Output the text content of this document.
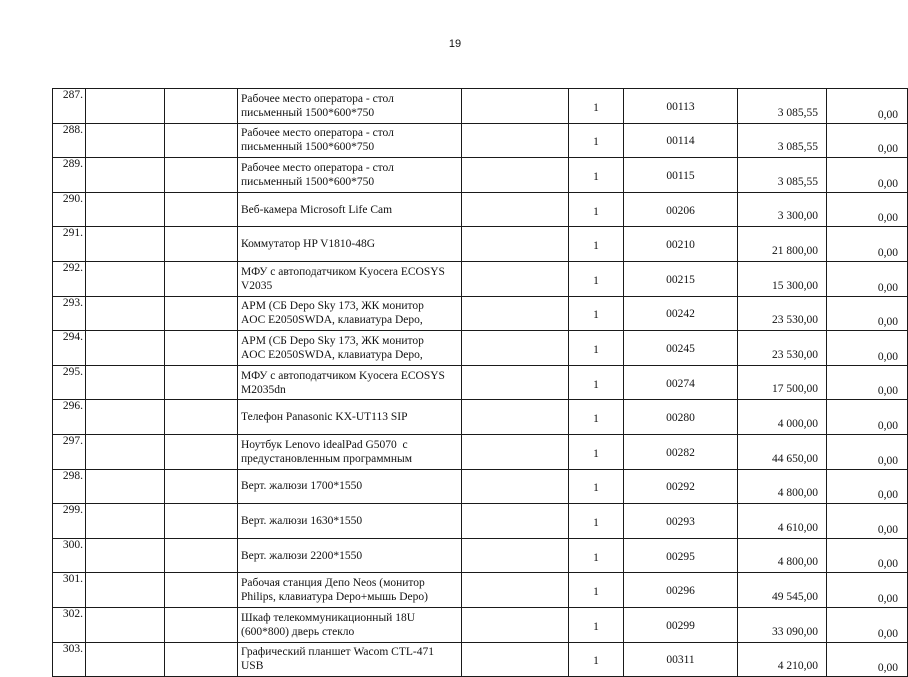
19
287.			Рабочее место оператора - стол
письменный 1500*600*750		1	00113	3 085,55	0,00
288.			Рабочее место оператора - стол
письменный 1500*600*750		1	00114	3 085,55	0,00
289.			Рабочее место оператора - стол
письменный 1500*600*750		1	00115	3 085,55	0,00
290.			Веб-камера Microsoft Life Cam		1	00206	3 300,00	0,00
291.			Коммутатор HP V1810-48G		1	00210	21 800,00	0,00
292.			МФУ с автоподатчиком Kyocera ECOSYS
V2035		1	00215	15 300,00	0,00
293.			АРМ (СБ Depo Sky 173, ЖК монитор
AOC E2050SWDA, клавиатура Depo,		1	00242	23 530,00	0,00
294.			АРМ (СБ Depo Sky 173, ЖК монитор
AOC E2050SWDA, клавиатура Depo,		1	00245	23 530,00	0,00
295.			МФУ с автоподатчиком Kyocera ECOSYS
M2035dn		1	00274	17 500,00	0,00
296.			Телефон Panasonic KX-UT113 SIP		1	00280	4 000,00	0,00
297.			Ноутбук Lenovo idealPad G5070  с
предустановленным программным		1	00282	44 650,00	0,00
298.			Верт. жалюзи 1700*1550		1	00292	4 800,00	0,00
299.			Верт. жалюзи 1630*1550		1	00293	4 610,00	0,00
300.			Верт. жалюзи 2200*1550		1	00295	4 800,00	0,00
301.			Рабочая станция Депо Neos (монитор
Philips, клавиатура Depo+мышь Depo)		1	00296	49 545,00	0,00
302.			Шкаф телекоммуникационный 18U
(600*800) дверь стекло		1	00299	33 090,00	0,00
303.			Графический планшет Wacom CTL-471
USB		1	00311	4 210,00	0,00
